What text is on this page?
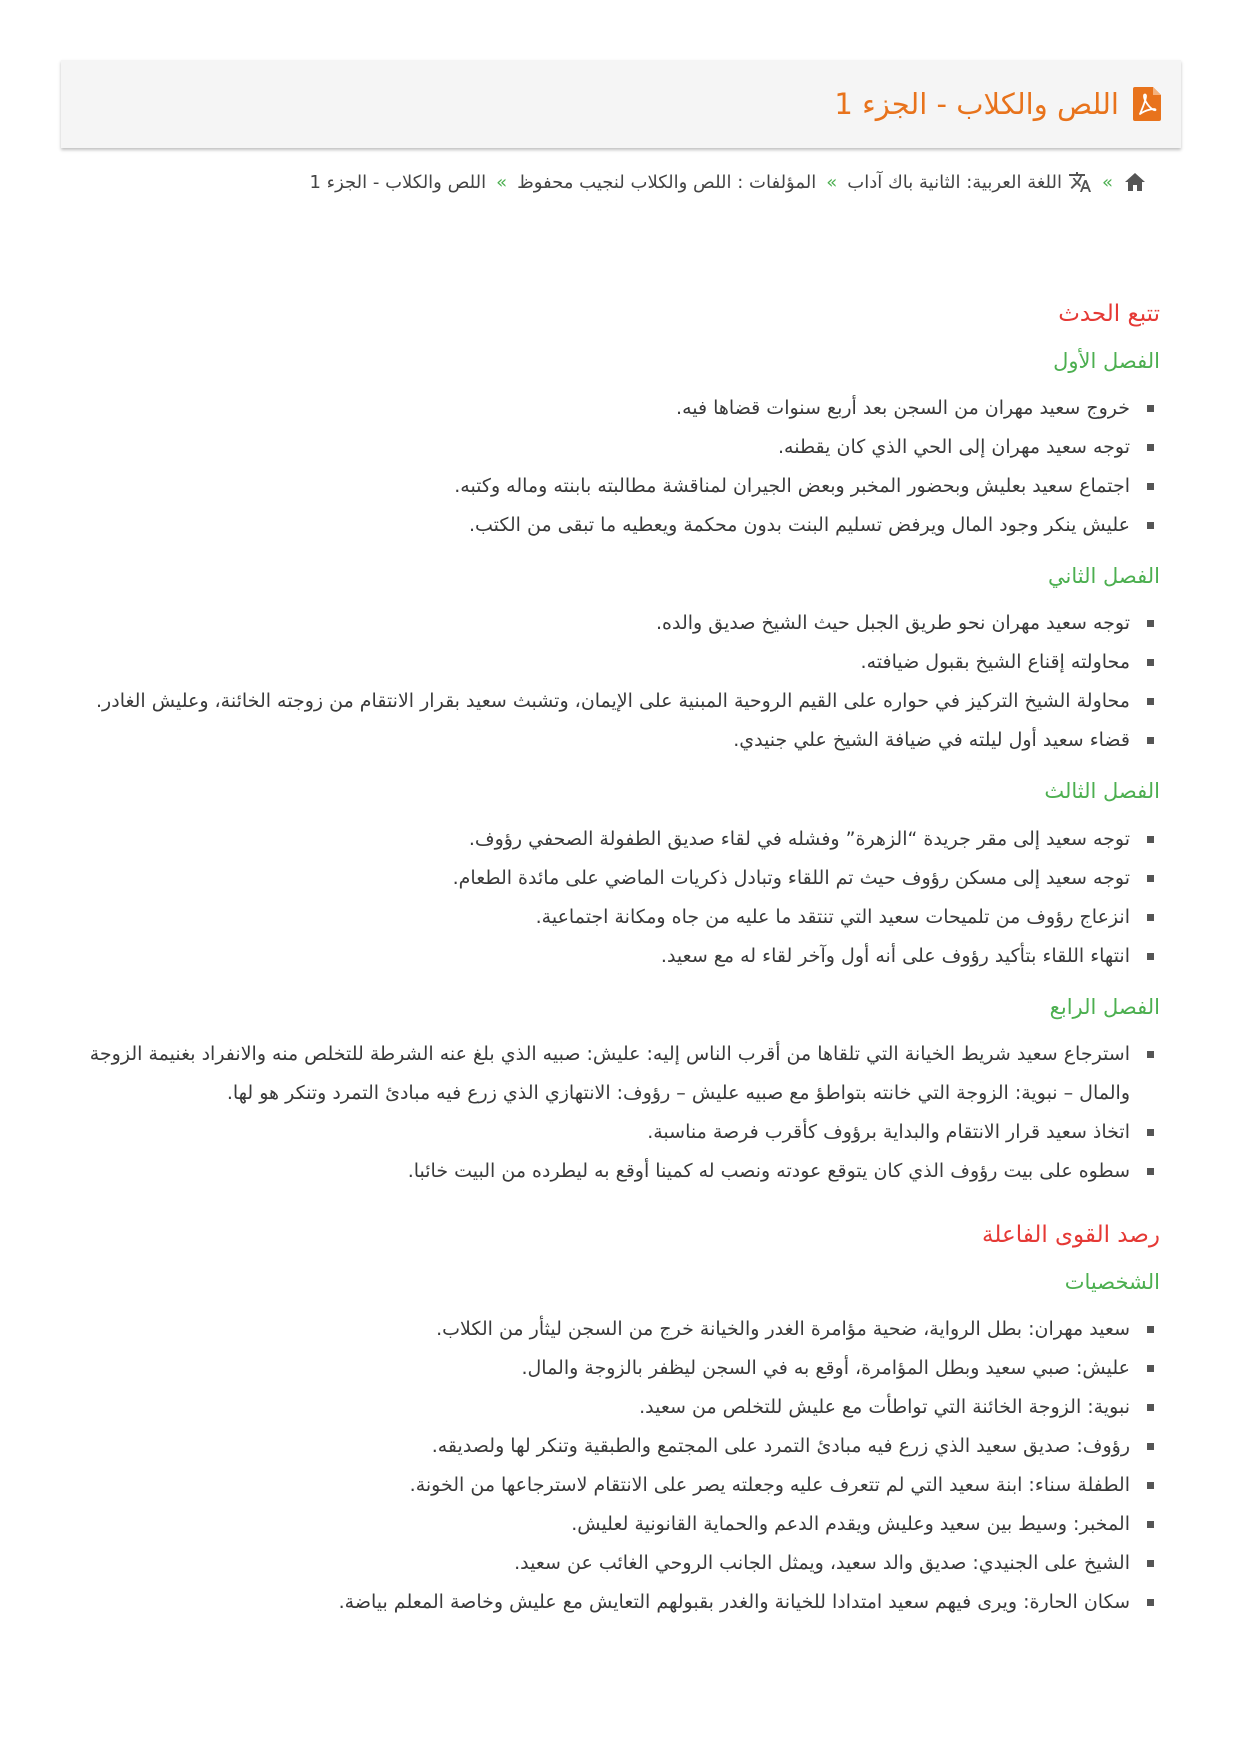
اللص والكلاب - الجزء 1
»
اللغة العربية: الثانية باك آداب
»
المؤلفات : اللص والكلاب لنجيب محفوظ
»
اللص والكلاب - الجزء 1
تتبع الحدث
الفصل الأول
خروج سعيد مهران من السجن بعد أربع سنوات قضاها فيه.
توجه سعيد مهران إلى الحي الذي كان يقطنه.
اجتماع سعيد بعليش وبحضور المخبر وبعض الجيران لمناقشة مطالبته بابنته وماله وكتبه.
عليش ينكر وجود المال ويرفض تسليم البنت بدون محكمة ويعطيه ما تبقى من الكتب.
الفصل الثاني
توجه سعيد مهران نحو طريق الجبل حيث الشيخ صديق والده.
محاولته إقناع الشيخ بقبول ضيافته.
محاولة الشيخ التركيز في حواره على القيم الروحية المبنية على الإيمان، وتشبث سعيد بقرار الانتقام من زوجته الخائنة، وعليش الغادر.
قضاء سعيد أول ليلته في ضيافة الشيخ علي جنيدي.
الفصل الثالث
توجه سعيد إلى مقر جريدة “الزهرة” وفشله في لقاء صديق الطفولة الصحفي رؤوف.
توجه سعيد إلى مسكن رؤوف حيث تم اللقاء وتبادل ذكريات الماضي على مائدة الطعام.
انزعاج رؤوف من تلميحات سعيد التي تنتقد ما عليه من جاه ومكانة اجتماعية.
انتهاء اللقاء بتأكيد رؤوف على أنه أول وآخر لقاء له مع سعيد.
الفصل الرابع
استرجاع سعيد شريط الخيانة التي تلقاها من أقرب الناس إليه: عليش: صبيه الذي بلغ عنه الشرطة للتخلص منه والانفراد بغنيمة الزوجة والمال – نبوية: الزوجة التي خانته بتواطؤ مع صبيه عليش – رؤوف: الانتهازي الذي زرع فيه مبادئ التمرد وتنكر هو لها.
اتخاذ سعيد قرار الانتقام والبداية برؤوف كأقرب فرصة مناسبة.
سطوه على بيت رؤوف الذي كان يتوقع عودته ونصب له كمينا أوقع به ليطرده من البيت خائبا.
رصد القوى الفاعلة
الشخصيات
سعيد مهران: بطل الرواية، ضحية مؤامرة الغدر والخيانة خرج من السجن ليثأر من الكلاب.
عليش: صبي سعيد وبطل المؤامرة، أوقع به في السجن ليظفر بالزوجة والمال.
نبوية: الزوجة الخائنة التي تواطأت مع عليش للتخلص من سعيد.
رؤوف: صديق سعيد الذي زرع فيه مبادئ التمرد على المجتمع والطبقية وتنكر لها ولصديقه.
الطفلة سناء: ابنة سعيد التي لم تتعرف عليه وجعلته يصر على الانتقام لاسترجاعها من الخونة.
المخبر: وسيط بين سعيد وعليش ويقدم الدعم والحماية القانونية لعليش.
الشيخ على الجنيدي: صديق والد سعيد، ويمثل الجانب الروحي الغائب عن سعيد.
سكان الحارة: ويرى فيهم سعيد امتدادا للخيانة والغدر بقبولهم التعايش مع عليش وخاصة المعلم بياضة.
